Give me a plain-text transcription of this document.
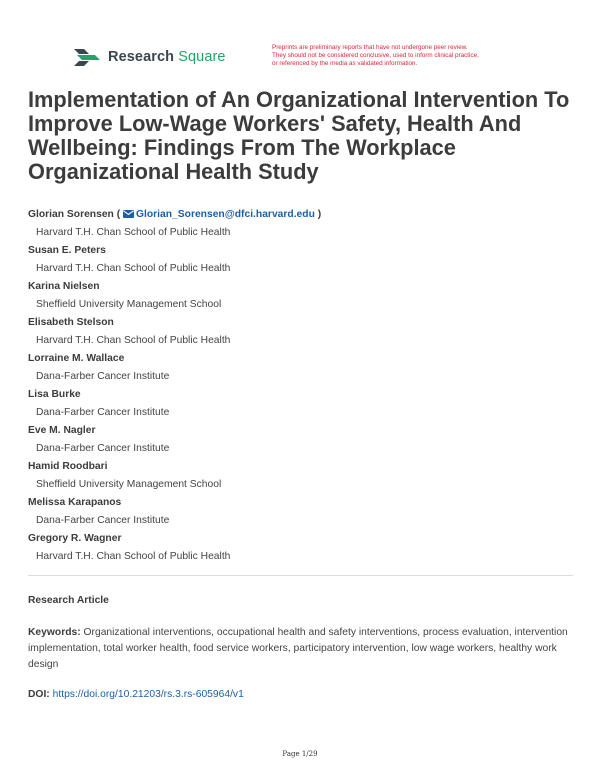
Research Square
Preprints are preliminary reports that have not undergone peer review.
They should not be considered conclusive, used to inform clinical practice,
or referenced by the media as validated information.
Implementation of An Organizational Intervention To Improve Low-Wage Workers' Safety, Health And Wellbeing: Findings From The Workplace Organizational Health Study
Glorian Sorensen ( Glorian_Sorensen@dfci.harvard.edu )
Harvard T.H. Chan School of Public Health
Susan E. Peters
Harvard T.H. Chan School of Public Health
Karina Nielsen
Sheffield University Management School
Elisabeth Stelson
Harvard T.H. Chan School of Public Health
Lorraine M. Wallace
Dana-Farber Cancer Institute
Lisa Burke
Dana-Farber Cancer Institute
Eve M. Nagler
Dana-Farber Cancer Institute
Hamid Roodbari
Sheffield University Management School
Melissa Karapanos
Dana-Farber Cancer Institute
Gregory R. Wagner
Harvard T.H. Chan School of Public Health
Research Article
Keywords: Organizational interventions, occupational health and safety interventions, process evaluation, intervention implementation, total worker health, food service workers, participatory intervention, low wage workers, healthy work design
DOI: https://doi.org/10.21203/rs.3.rs-605964/v1
Page 1/29
